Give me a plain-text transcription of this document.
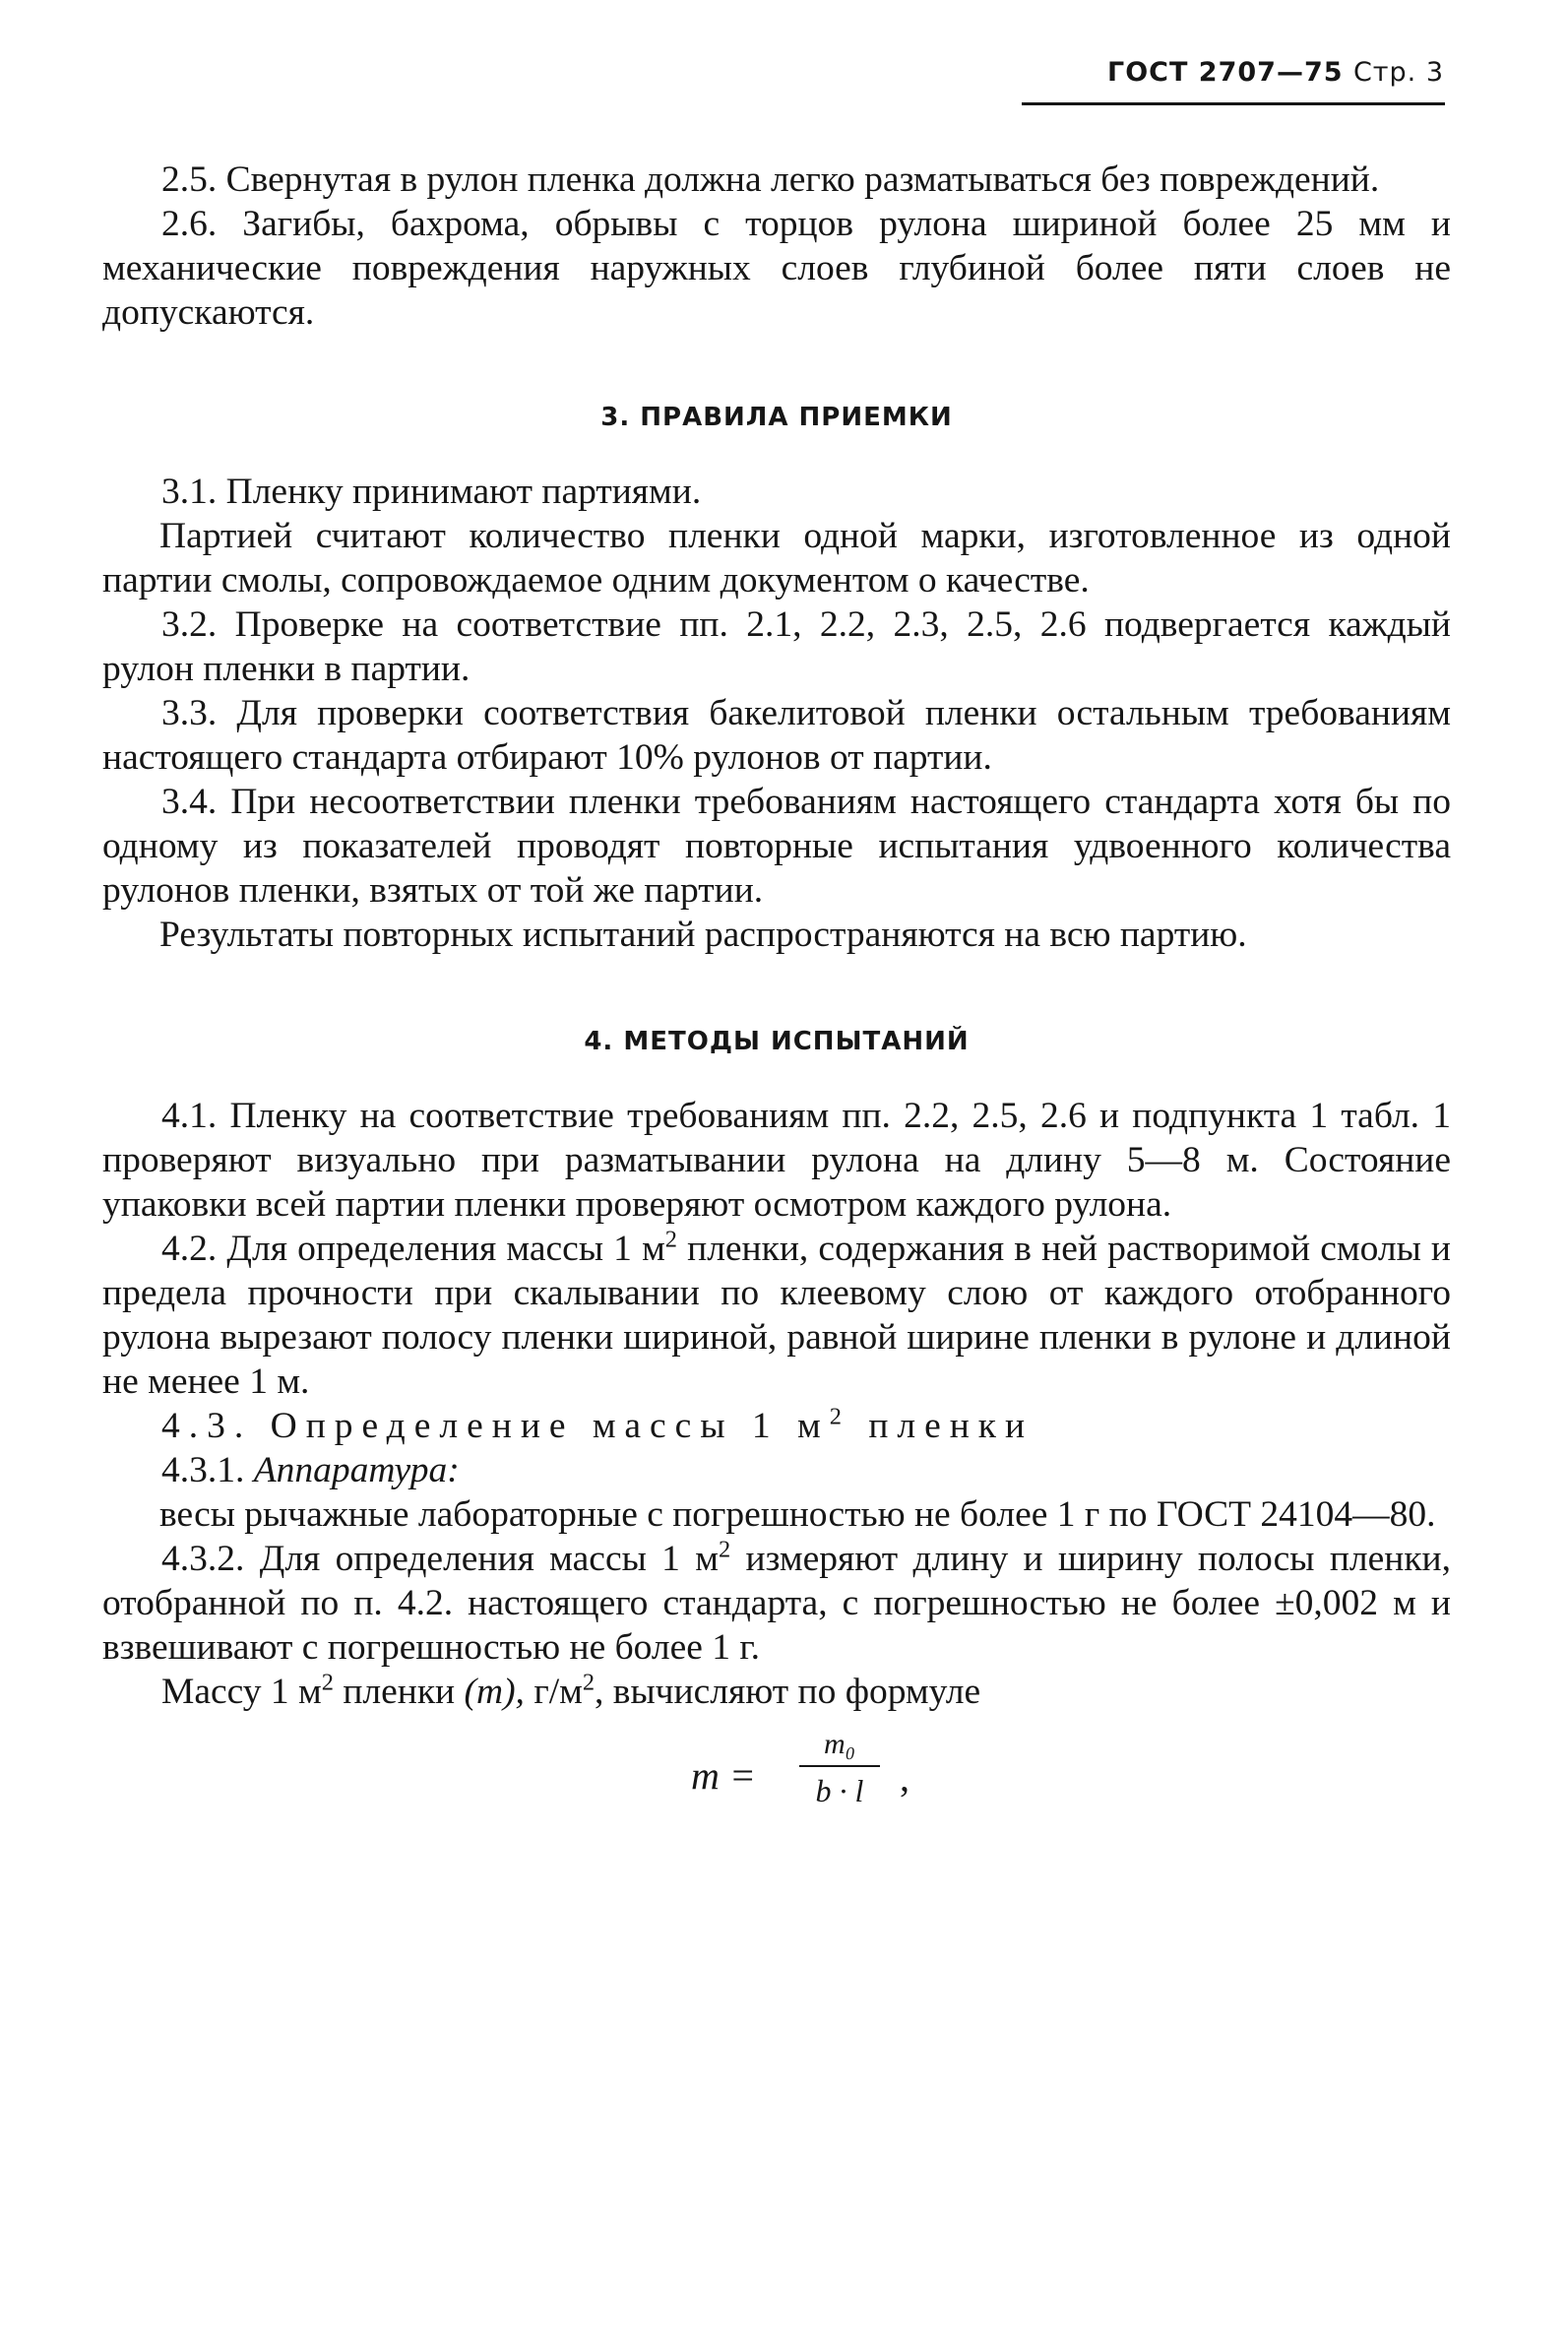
ГОСТ 2707—75 Стр. 3

2.5. Свернутая в рулон пленка должна легко разматываться без повреждений.

2.6. Загибы, бахрома, обрывы с торцов рулона шириной более 25 мм и механические повреждения наружных слоев глубиной более пяти слоев не допускаются.

3. ПРАВИЛА ПРИЕМКИ

3.1. Пленку принимают партиями.

Партией считают количество пленки одной марки, изготовленное из одной партии смолы, сопровождаемое одним документом о качестве.

3.2. Проверке на соответствие пп. 2.1, 2.2, 2.3, 2.5, 2.6 подвергается каждый рулон пленки в партии.

3.3. Для проверки соответствия бакелитовой пленки остальным требованиям настоящего стандарта отбирают 10% рулонов от партии.

3.4. При несоответствии пленки требованиям настоящего стандарта хотя бы по одному из показателей проводят повторные испытания удвоенного количества рулонов пленки, взятых от той же партии.

Результаты повторных испытаний распространяются на всю партию.

4. МЕТОДЫ ИСПЫТАНИЙ

4.1. Пленку на соответствие требованиям пп. 2.2, 2.5, 2.6 и подпункта 1 табл. 1 проверяют визуально при разматывании рулона на длину 5—8 м. Состояние упаковки всей партии пленки проверяют осмотром каждого рулона.

4.2. Для определения массы 1 $м^2$ пленки, содержания в ней растворимой смолы и предела прочности при скалывании по клеевому слою от каждого отобранного рулона вырезают полосу пленки шириной, равной ширине пленки в рулоне и длиной не менее 1 м.

4.3. Определение массы 1 $м^2$ пленки

4.3.1. Аппаратура:

весы рычажные лабораторные с погрешностью не более 1 г по ГОСТ 24104—80.

4.3.2. Для определения массы 1 $м^2$ измеряют длину и ширину полосы пленки, отобранной по п. 4.2. настоящего стандарта, с погрешностью не более ±0,002 м и взвешивают с погрешностью не более 1 г.

Массу 1 $м^2$ пленки (m), $г/м^2$, вычисляют по формуле

m =
m₀
b · l ,
